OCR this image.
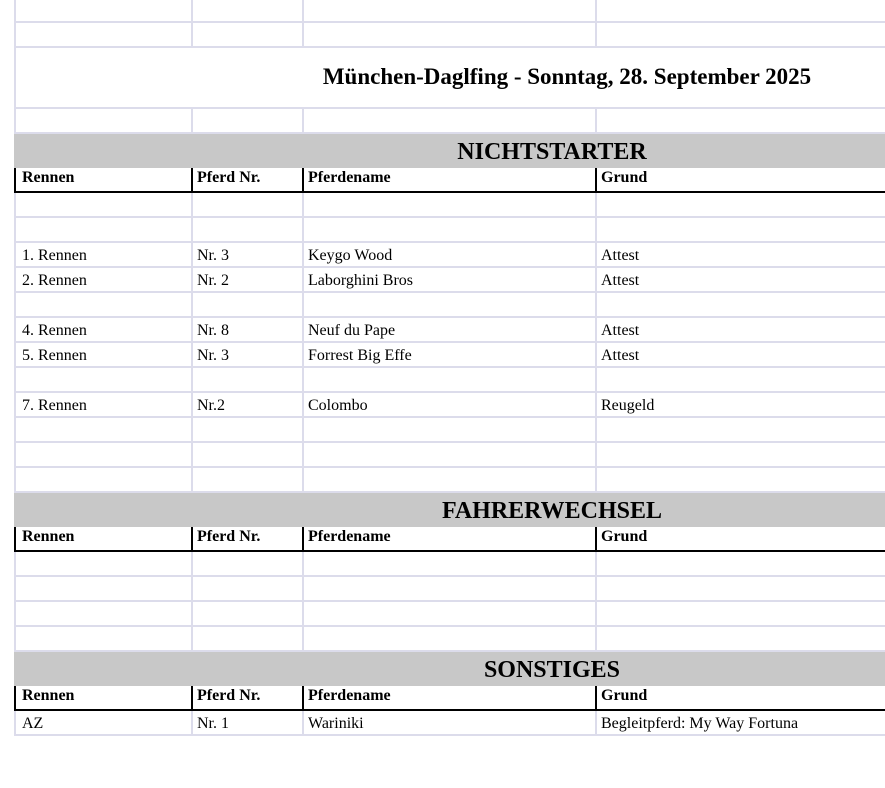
München-Daglfing - Sonntag, 28. September 2025
NICHTSTARTER
Rennen	Pferd Nr.	Pferdename	Grund
1. Rennen	Nr. 3	Keygo Wood	Attest
2. Rennen	Nr. 2	Laborghini Bros	Attest
4. Rennen	Nr. 8	Neuf du Pape	Attest
5. Rennen	Nr. 3	Forrest Big Effe	Attest
7. Rennen	Nr.2	Colombo	Reugeld
FAHRERWECHSEL
Rennen	Pferd Nr.	Pferdename	Grund
SONSTIGES
Rennen	Pferd Nr.	Pferdename	Grund
AZ	Nr. 1	Wariniki	Begleitpferd: My Way Fortuna
